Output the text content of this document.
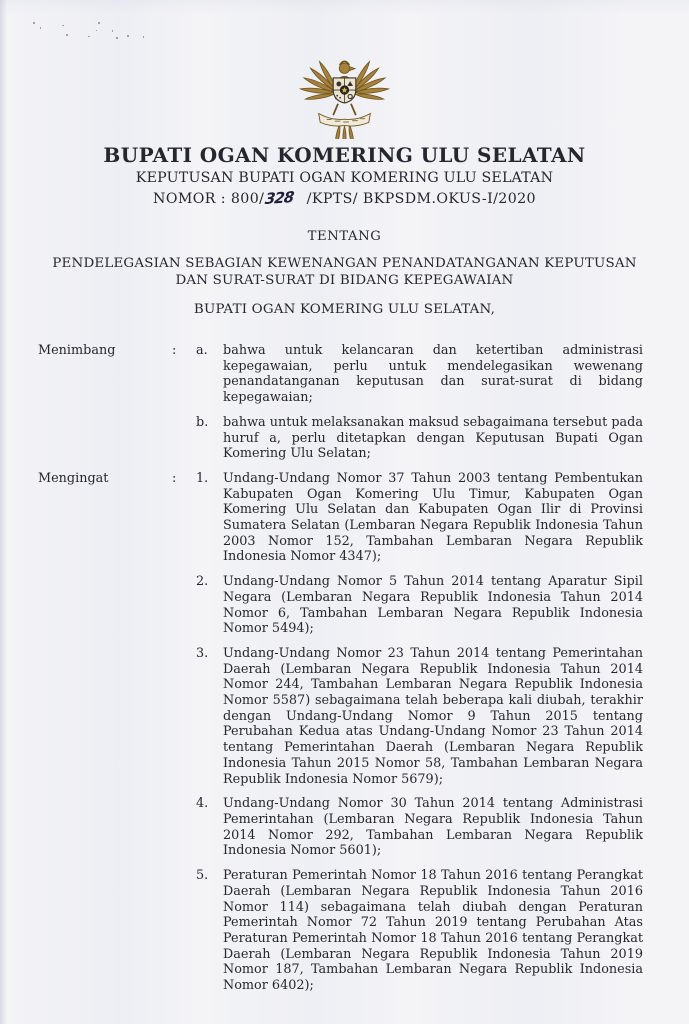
BUPATI OGAN KOMERING ULU SELATAN
KEPUTUSAN BUPATI OGAN KOMERING ULU SELATAN
NOMOR : 800/328 /KPTS/ BKPSDM.OKUS-I/2020
TENTANG
PENDELEGASIAN SEBAGIAN KEWENANGAN PENANDATANGANAN KEPUTUSAN
DAN SURAT-SURAT DI BIDANG KEPEGAWAIAN
BUPATI OGAN KOMERING ULU SELATAN,
Menimbang	:	a.	bahwa untuk kelancaran dan ketertiban administrasi kepegawaian, perlu untuk mendelegasikan wewenang penandatanganan keputusan dan surat-surat di bidang kepegawaian;
b.	bahwa untuk melaksanakan maksud sebagaimana tersebut pada huruf a, perlu ditetapkan dengan Keputusan Bupati Ogan Komering Ulu Selatan;
Mengingat	:	1.	Undang-Undang Nomor 37 Tahun 2003 tentang Pembentukan Kabupaten Ogan Komering Ulu Timur, Kabupaten Ogan Komering Ulu Selatan dan Kabupaten Ogan Ilir di Provinsi Sumatera Selatan (Lembaran Negara Republik Indonesia Tahun 2003 Nomor 152, Tambahan Lembaran Negara Republik Indonesia Nomor 4347);
2.	Undang-Undang Nomor 5 Tahun 2014 tentang Aparatur Sipil Negara (Lembaran Negara Republik Indonesia Tahun 2014 Nomor 6, Tambahan Lembaran Negara Republik Indonesia Nomor 5494);
3.	Undang-Undang Nomor 23 Tahun 2014 tentang Pemerintahan Daerah (Lembaran Negara Republik Indonesia Tahun 2014 Nomor 244, Tambahan Lembaran Negara Republik Indonesia Nomor 5587) sebagaimana telah beberapa kali diubah, terakhir dengan Undang-Undang Nomor 9 Tahun 2015 tentang Perubahan Kedua atas Undang-Undang Nomor 23 Tahun 2014 tentang Pemerintahan Daerah (Lembaran Negara Republik Indonesia Tahun 2015 Nomor 58, Tambahan Lembaran Negara Republik Indonesia Nomor 5679);
4.	Undang-Undang Nomor 30 Tahun 2014 tentang Administrasi Pemerintahan (Lembaran Negara Republik Indonesia Tahun 2014 Nomor 292, Tambahan Lembaran Negara Republik Indonesia Nomor 5601);
5.	Peraturan Pemerintah Nomor 18 Tahun 2016 tentang Perangkat Daerah (Lembaran Negara Republik Indonesia Tahun 2016 Nomor 114) sebagaimana telah diubah dengan Peraturan Pemerintah Nomor 72 Tahun 2019 tentang Perubahan Atas Peraturan Pemerintah Nomor 18 Tahun 2016 tentang Perangkat Daerah (Lembaran Negara Republik Indonesia Tahun 2019 Nomor 187, Tambahan Lembaran Negara Republik Indonesia Nomor 6402);
